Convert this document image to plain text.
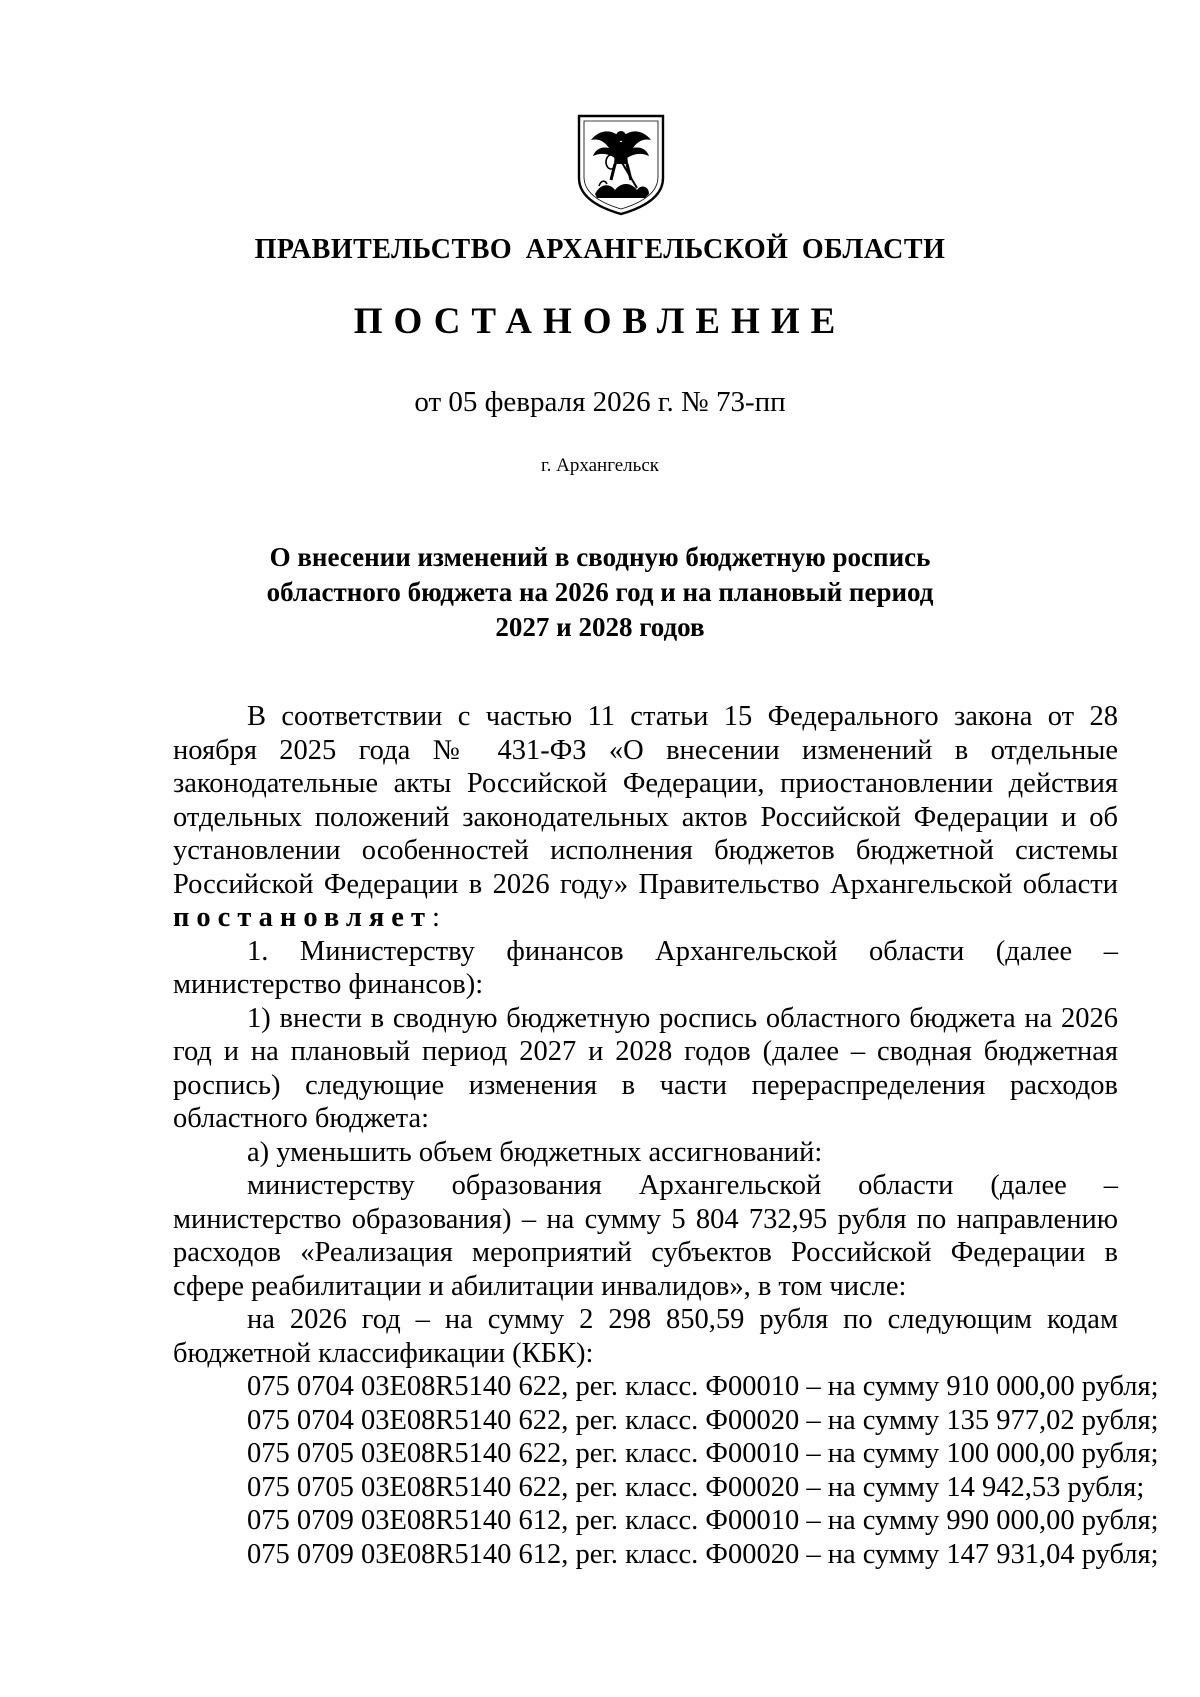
ПРАВИТЕЛЬСТВО АРХАНГЕЛЬСКОЙ ОБЛАСТИ
ПОСТАНОВЛЕНИЕ
от 05 февраля 2026 г. № 73-пп
г. Архангельск
О внесении изменений в сводную бюджетную роспись
областного бюджета на 2026 год и на плановый период
2027 и 2028 годов

В соответствии с частью 11 статьи 15 Федерального закона от 28 ноября 2025 года № 431-ФЗ «О внесении изменений в отдельные законодательные акты Российской Федерации, приостановлении действия отдельных положений законодательных актов Российской Федерации и об установлении особенностей исполнения бюджетов бюджетной системы Российской Федерации в 2026 году» Правительство Архангельской области постановляет:

1. Министерству финансов Архангельской области (далее – министерство финансов):

1) внести в сводную бюджетную роспись областного бюджета на 2026 год и на плановый период 2027 и 2028 годов (далее – сводная бюджетная роспись) следующие изменения в части перераспределения расходов областного бюджета:

а) уменьшить объем бюджетных ассигнований:

министерству образования Архангельской области (далее – министерство образования) – на сумму 5 804 732,95 рубля по направлению расходов «Реализация мероприятий субъектов Российской Федерации в сфере реабилитации и абилитации инвалидов», в том числе:

на 2026 год – на сумму 2 298 850,59 рубля по следующим кодам бюджетной классификации (КБК):

075 0704 03Е08R5140 622, рег. класс. Ф00010 – на сумму 910 000,00 рубля;

075 0704 03Е08R5140 622, рег. класс. Ф00020 – на сумму 135 977,02 рубля;

075 0705 03Е08R5140 622, рег. класс. Ф00010 – на сумму 100 000,00 рубля;

075 0705 03Е08R5140 622, рег. класс. Ф00020 – на сумму 14 942,53 рубля;

075 0709 03Е08R5140 612, рег. класс. Ф00010 – на сумму 990 000,00 рубля;

075 0709 03Е08R5140 612, рег. класс. Ф00020 – на сумму 147 931,04 рубля;
